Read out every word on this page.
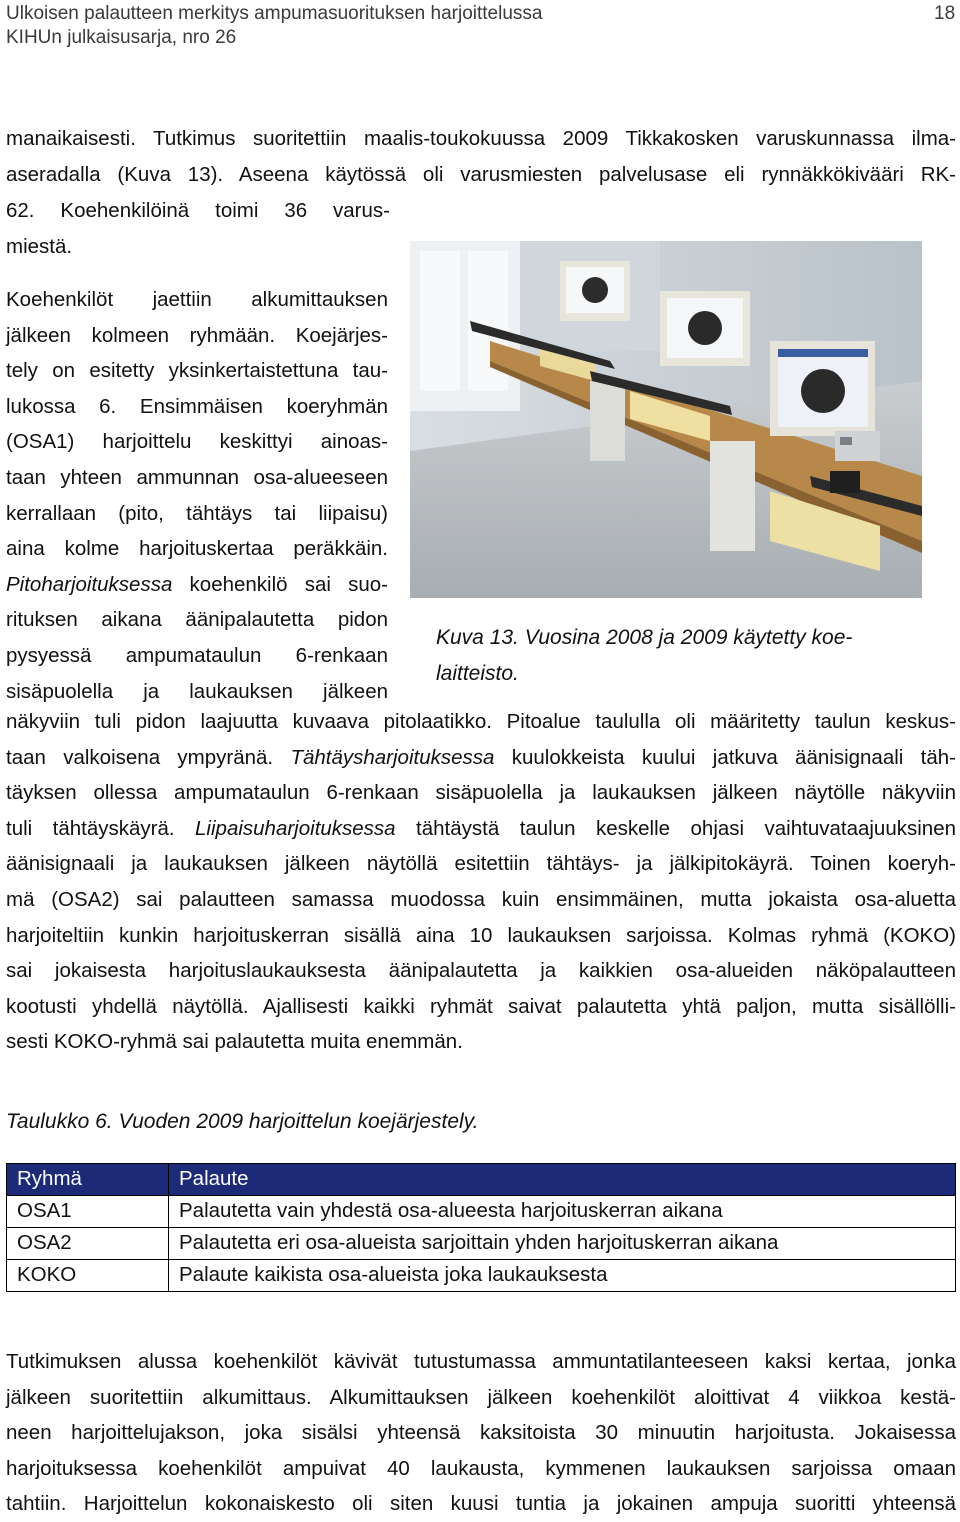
Ulkoisen palautteen merkitys ampumasuorituksen harjoittelussa
KIHUn julkaisusarja, nro 26
18
manaikaisesti. Tutkimus suoritettiin maalis-toukokuussa 2009 Tikkakosken varuskunnassa ilma-
aseradalla (Kuva 13). Aseena käytössä oli varusmiesten palvelusase eli rynnäkkökivääri RK-
62. Koehenkilöinä toimi 36 varus-
miestä.
Koehenkilöt jaettiin alkumittauksen
jälkeen kolmeen ryhmään. Koejärjes-
tely on esitetty yksinkertaistettuna tau-
lukossa 6. Ensimmäisen koeryhmän
(OSA1) harjoittelu keskittyi ainoas-
taan yhteen ammunnan osa-alueeseen
kerrallaan (pito, tähtäys tai liipaisu)
aina kolme harjoituskertaa peräkkäin.
Pitoharjoituksessa koehenkilö sai suo-
rituksen aikana äänipalautetta pidon
pysyessä ampumataulun 6-renkaan
sisäpuolella ja laukauksen jälkeen
Kuva 13. Vuosina 2008 ja 2009 käytetty koe-
laitteisto.
näkyviin tuli pidon laajuutta kuvaava pitolaatikko. Pitoalue taululla oli määritetty taulun keskus-
taan valkoisena ympyränä. Tähtäysharjoituksessa kuulokkeista kuului jatkuva äänisignaali täh-
täyksen ollessa ampumataulun 6-renkaan sisäpuolella ja laukauksen jälkeen näytölle näkyviin
tuli tähtäyskäyrä. Liipaisuharjoituksessa tähtäystä taulun keskelle ohjasi vaihtuvataajuuksinen
äänisignaali ja laukauksen jälkeen näytöllä esitettiin tähtäys- ja jälkipitokäyrä. Toinen koeryh-
mä (OSA2) sai palautteen samassa muodossa kuin ensimmäinen, mutta jokaista osa-aluetta
harjoiteltiin kunkin harjoituskerran sisällä aina 10 laukauksen sarjoissa. Kolmas ryhmä (KOKO)
sai jokaisesta harjoituslaukauksesta äänipalautetta ja kaikkien osa-alueiden näköpalautteen
kootusti yhdellä näytöllä. Ajallisesti kaikki ryhmät saivat palautetta yhtä paljon, mutta sisällölli-
sesti KOKO-ryhmä sai palautetta muita enemmän.
Taulukko 6. Vuoden 2009 harjoittelun koejärjestely.
Ryhmä	Palaute
OSA1	Palautetta vain yhdestä osa-alueesta harjoituskerran aikana
OSA2	Palautetta eri osa-alueista sarjoittain yhden harjoituskerran aikana
KOKO	Palaute kaikista osa-alueista joka laukauksesta
Tutkimuksen alussa koehenkilöt kävivät tutustumassa ammuntatilanteeseen kaksi kertaa, jonka
jälkeen suoritettiin alkumittaus. Alkumittauksen jälkeen koehenkilöt aloittivat 4 viikkoa kestä-
neen harjoittelujakson, joka sisälsi yhteensä kaksitoista 30 minuutin harjoitusta. Jokaisessa
harjoituksessa koehenkilöt ampuivat 40 laukausta, kymmenen laukauksen sarjoissa omaan
tahtiin. Harjoittelun kokonaiskesto oli siten kuusi tuntia ja jokainen ampuja suoritti yhteensä
